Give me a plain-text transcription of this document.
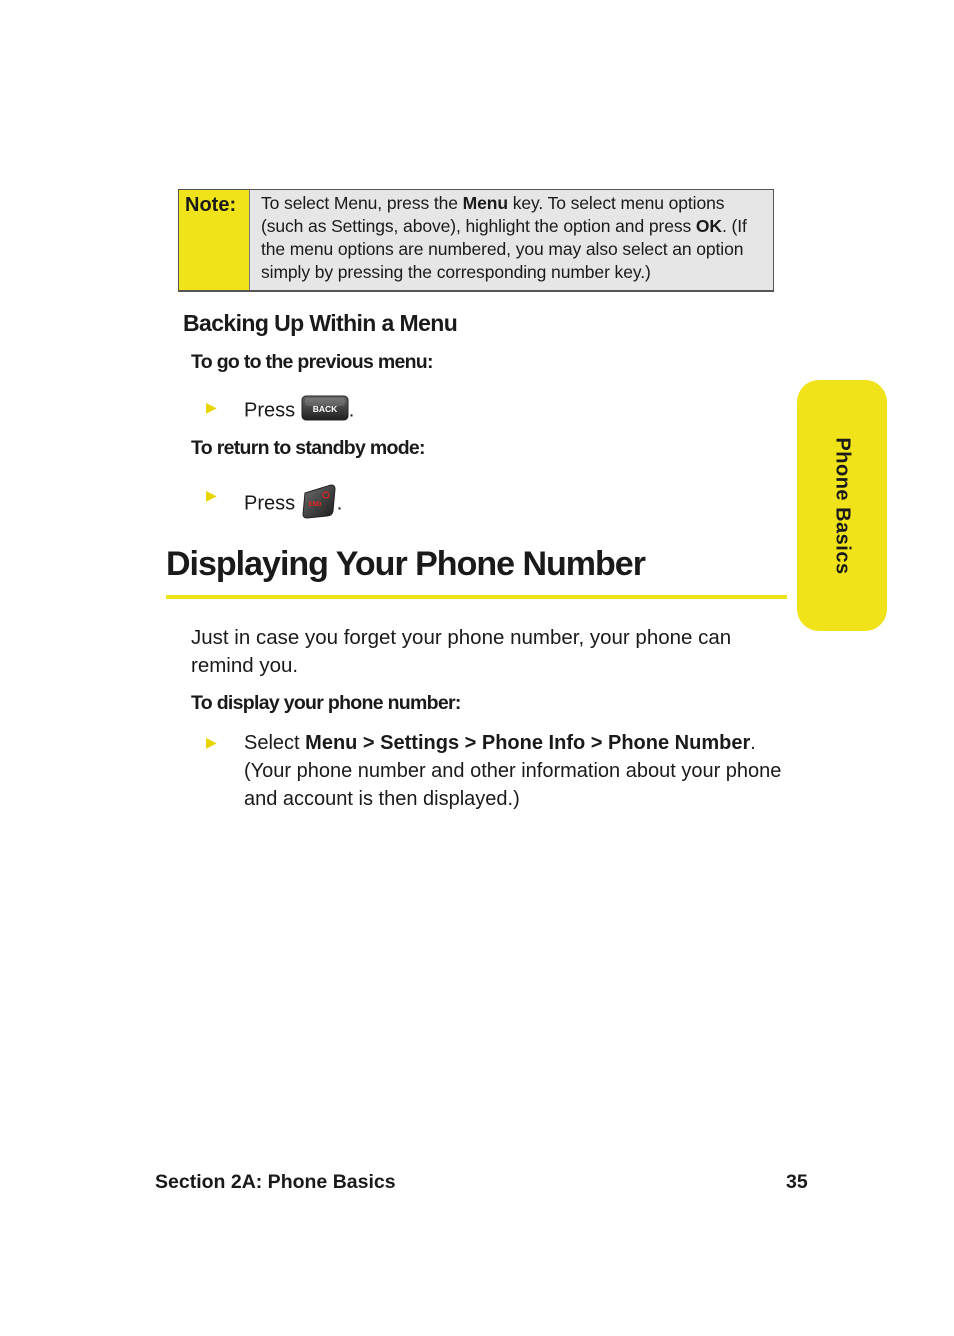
Note:	To select Menu, press the Menu key. To select menu options (such as Settings, above), highlight the option and press OK. (If the menu options are numbered, you may also select an option simply by pressing the corresponding number key.)
Backing Up Within a Menu
To go to the previous menu:
▶ Press BACK .
To return to standby mode:
▶ Press END .
Displaying Your Phone Number
Just in case you forget your phone number, your phone can remind you.
To display your phone number:
▶ Select Menu > Settings > Phone Info > Phone Number. (Your phone number and other information about your phone and account is then displayed.)
Phone Basics
Section 2A: Phone Basics	35
